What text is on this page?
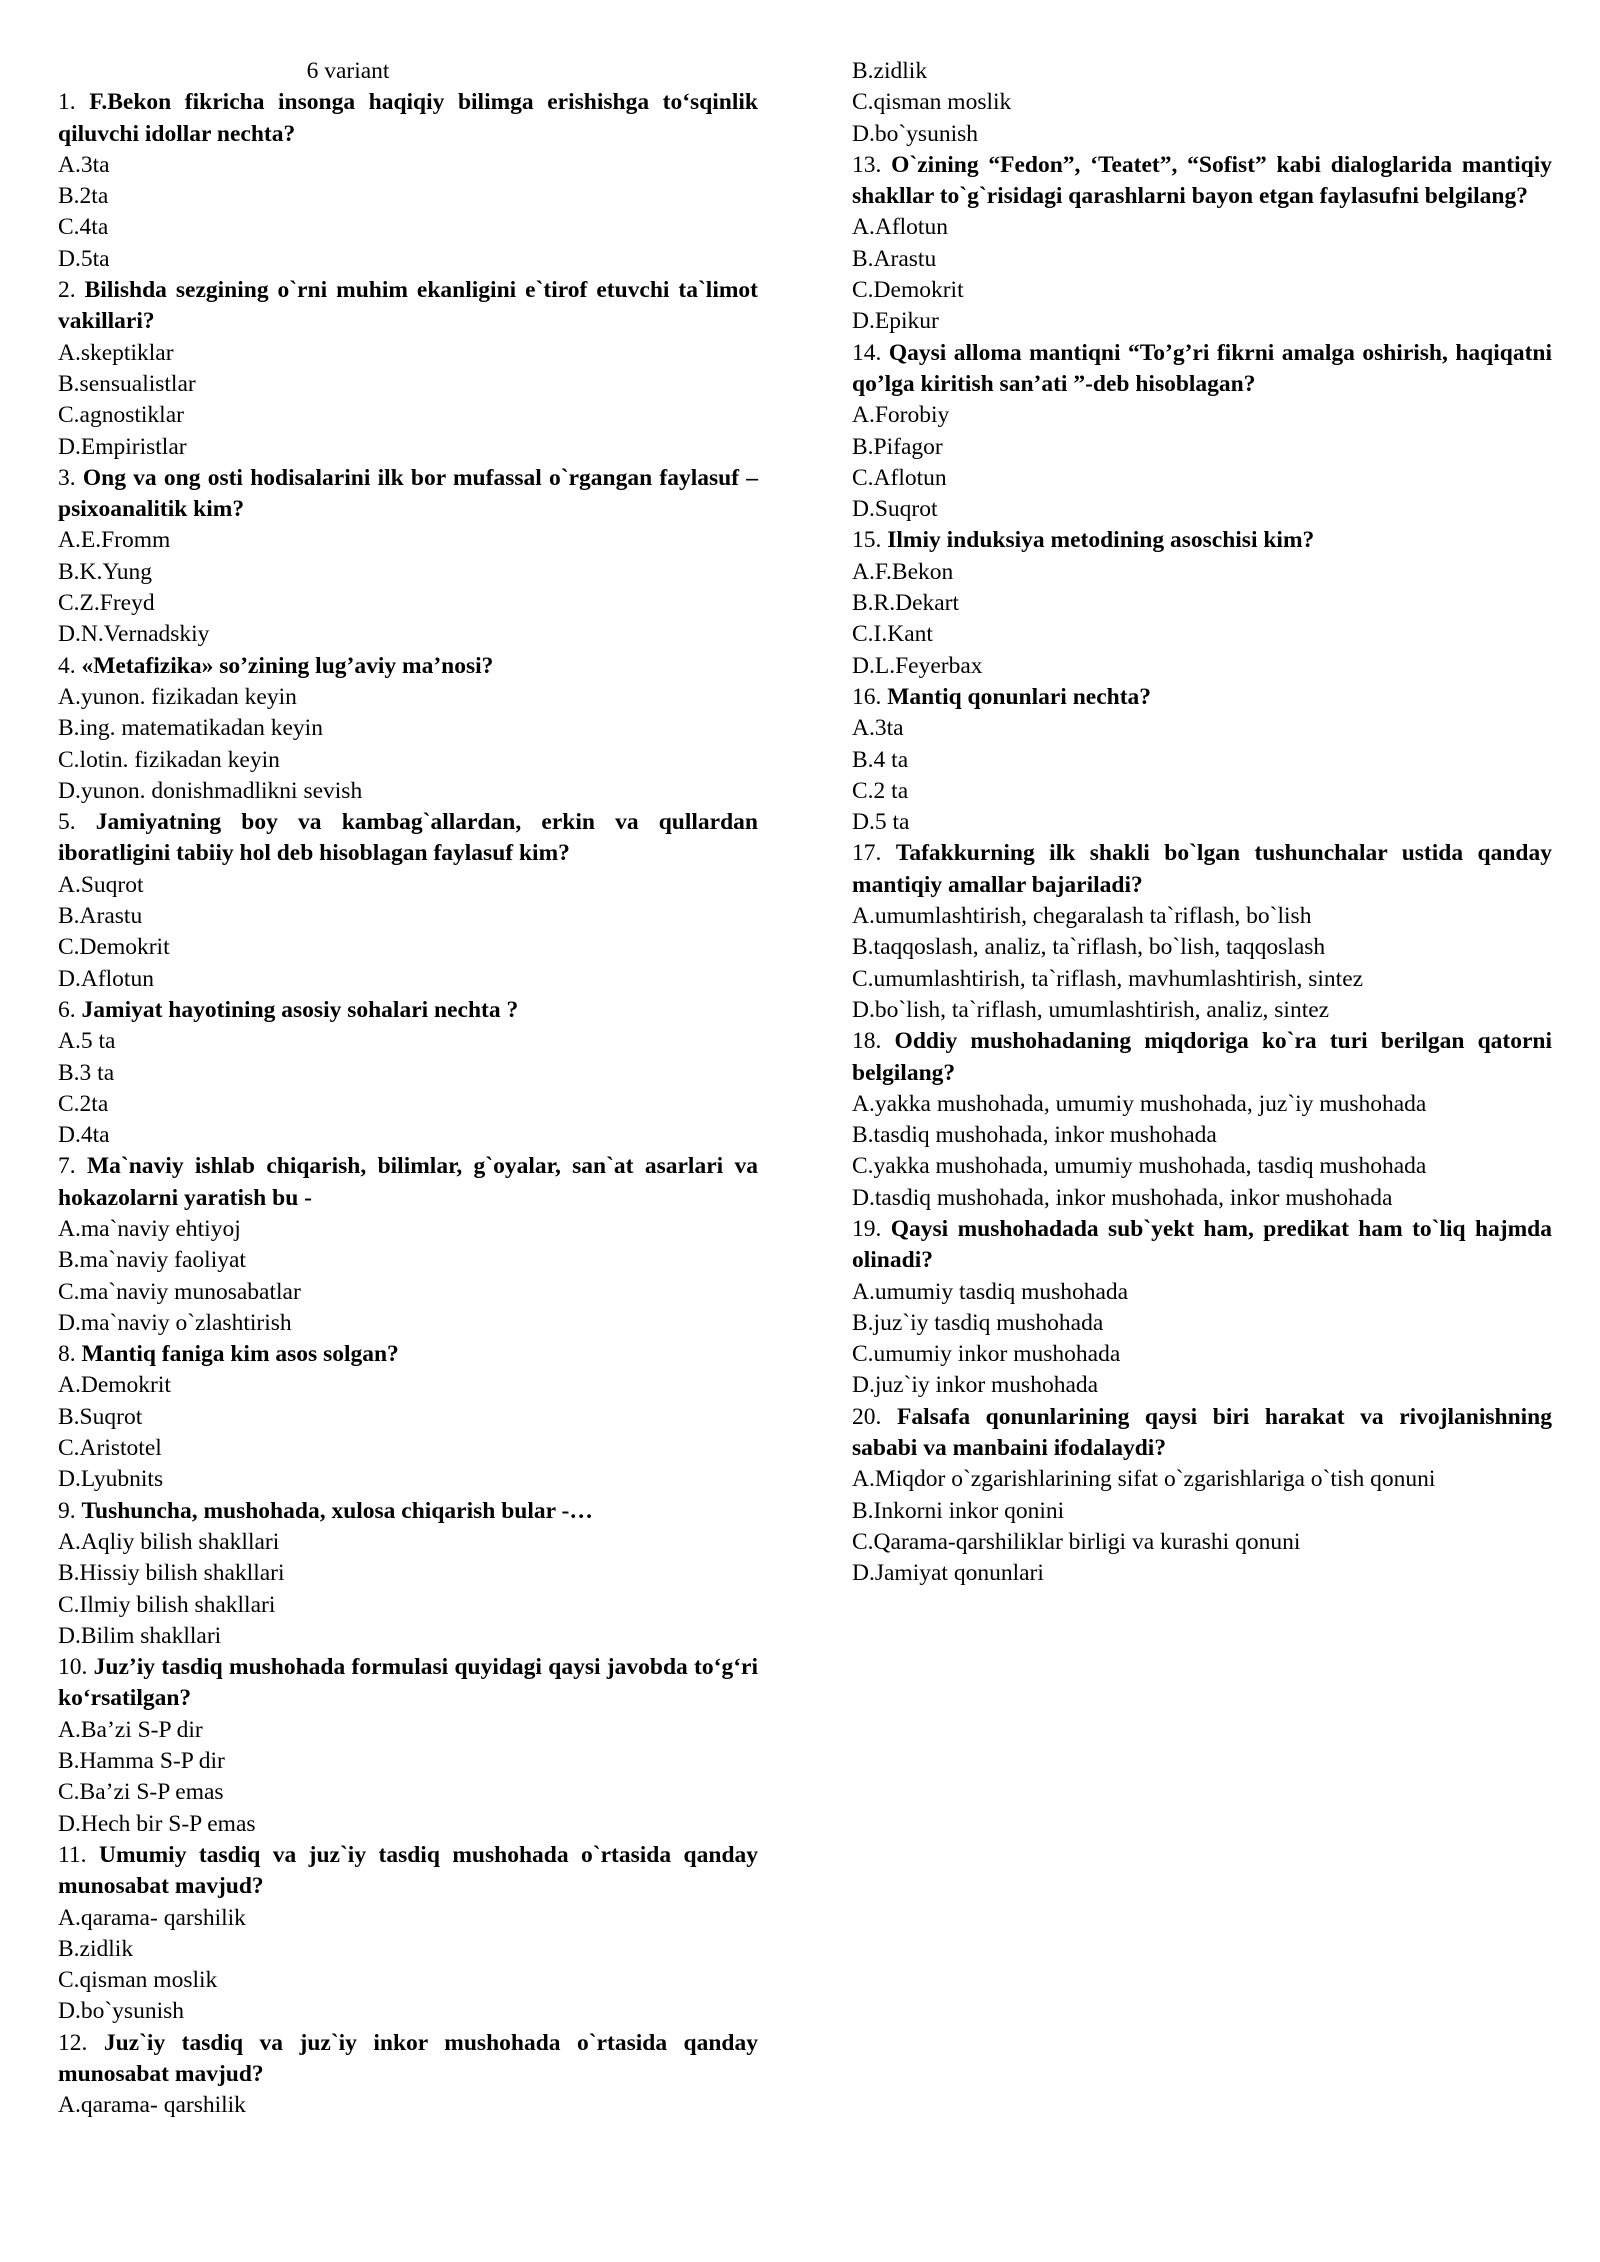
6 variant
1. F.Bekon fikricha insonga haqiqiy bilimga erishishga to‘sqinlik qiluvchi idollar nechta?
A.3ta
B.2ta
C.4ta
D.5ta
2. Bilishda sezgining o`rni muhim ekanligini e`tirof etuvchi ta`limot vakillari?
A.skeptiklar
B.sensualistlar
C.agnostiklar
D.Empiristlar
3. Ong va ong osti hodisalarini ilk bor mufassal o`rgangan faylasuf – psixoanalitik kim?
A.E.Fromm
B.K.Yung
C.Z.Freyd
D.N.Vernadskiy
4. «Metafizika» so’zining lug’aviy ma’nosi?
A.yunon. fizikadan keyin
B.ing. matematikadan keyin
C.lotin. fizikadan keyin
D.yunon. donishmadlikni sevish
5. Jamiyatning boy va kambag`allardan, erkin va qullardan iboratligini tabiiy hol deb hisoblagan faylasuf kim?
A.Suqrot
B.Arastu
C.Demokrit
D.Aflotun
6. Jamiyat hayotining asosiy sohalari nechta ?
A.5 ta
B.3 ta
C.2ta
D.4ta
7. Ma`naviy ishlab chiqarish, bilimlar, g`oyalar, san`at asarlari va hokazolarni yaratish bu -
A.ma`naviy ehtiyoj
B.ma`naviy faoliyat
C.ma`naviy munosabatlar
D.ma`naviy o`zlashtirish
8. Mantiq faniga kim asos solgan?
A.Demokrit
B.Suqrot
C.Aristotel
D.Lyubnits
9. Tushuncha, mushohada, xulosa chiqarish bular -…
A.Aqliy bilish shakllari
B.Hissiy bilish shakllari
C.Ilmiy bilish shakllari
D.Bilim shakllari
10. Juz’iy tasdiq mushohada formulasi quyidagi qaysi javobda to‘g‘ri ko‘rsatilgan?
A.Ba’zi S-P dir
B.Hamma S-P dir
C.Ba’zi S-P emas
D.Hech bir S-P emas
11. Umumiy tasdiq va juz`iy tasdiq mushohada o`rtasida qanday munosabat mavjud?
A.qarama- qarshilik
B.zidlik
C.qisman moslik
D.bo`ysunish
12. Juz`iy tasdiq va juz`iy inkor mushohada o`rtasida qanday munosabat mavjud?
A.qarama- qarshilik
B.zidlik
C.qisman moslik
D.bo`ysunish
13. O`zining “Fedon”, ‘Teatet”, “Sofist” kabi dialoglarida mantiqiy shakllar to`g`risidagi qarashlarni bayon etgan faylasufni belgilang?
A.Aflotun
B.Arastu
C.Demokrit
D.Epikur
14. Qaysi alloma mantiqni “To’g’ri fikrni amalga oshirish, haqiqatni qo’lga kiritish san’ati ”-deb hisoblagan?
A.Forobiy
B.Pifagor
C.Aflotun
D.Suqrot
15. Ilmiy induksiya metodining asoschisi kim?
A.F.Bekon
B.R.Dekart
C.I.Kant
D.L.Feyerbax
16. Mantiq qonunlari nechta?
A.3ta
B.4 ta
C.2 ta
D.5 ta
17. Tafakkurning ilk shakli bo`lgan tushunchalar ustida qanday mantiqiy amallar bajariladi?
A.umumlashtirish, chegaralash ta`riflash, bo`lish
B.taqqoslash, analiz, ta`riflash, bo`lish, taqqoslash
C.umumlashtirish, ta`riflash, mavhumlashtirish, sintez
D.bo`lish, ta`riflash, umumlashtirish, analiz, sintez
18. Oddiy mushohadaning miqdoriga ko`ra turi berilgan qatorni belgilang?
A.yakka mushohada, umumiy mushohada, juz`iy mushohada
B.tasdiq mushohada, inkor mushohada
C.yakka mushohada, umumiy mushohada, tasdiq mushohada
D.tasdiq mushohada, inkor mushohada, inkor mushohada
19. Qaysi mushohadada sub`yekt ham, predikat ham to`liq hajmda olinadi?
A.umumiy tasdiq mushohada
B.juz`iy tasdiq mushohada
C.umumiy inkor mushohada
D.juz`iy inkor mushohada
20. Falsafa qonunlarining qaysi biri harakat va rivojlanishning sababi va manbaini ifodalaydi?
A.Miqdor o`zgarishlarining sifat o`zgarishlariga o`tish qonuni
B.Inkorni inkor qonini
C.Qarama-qarshiliklar birligi va kurashi qonuni
D.Jamiyat qonunlari
